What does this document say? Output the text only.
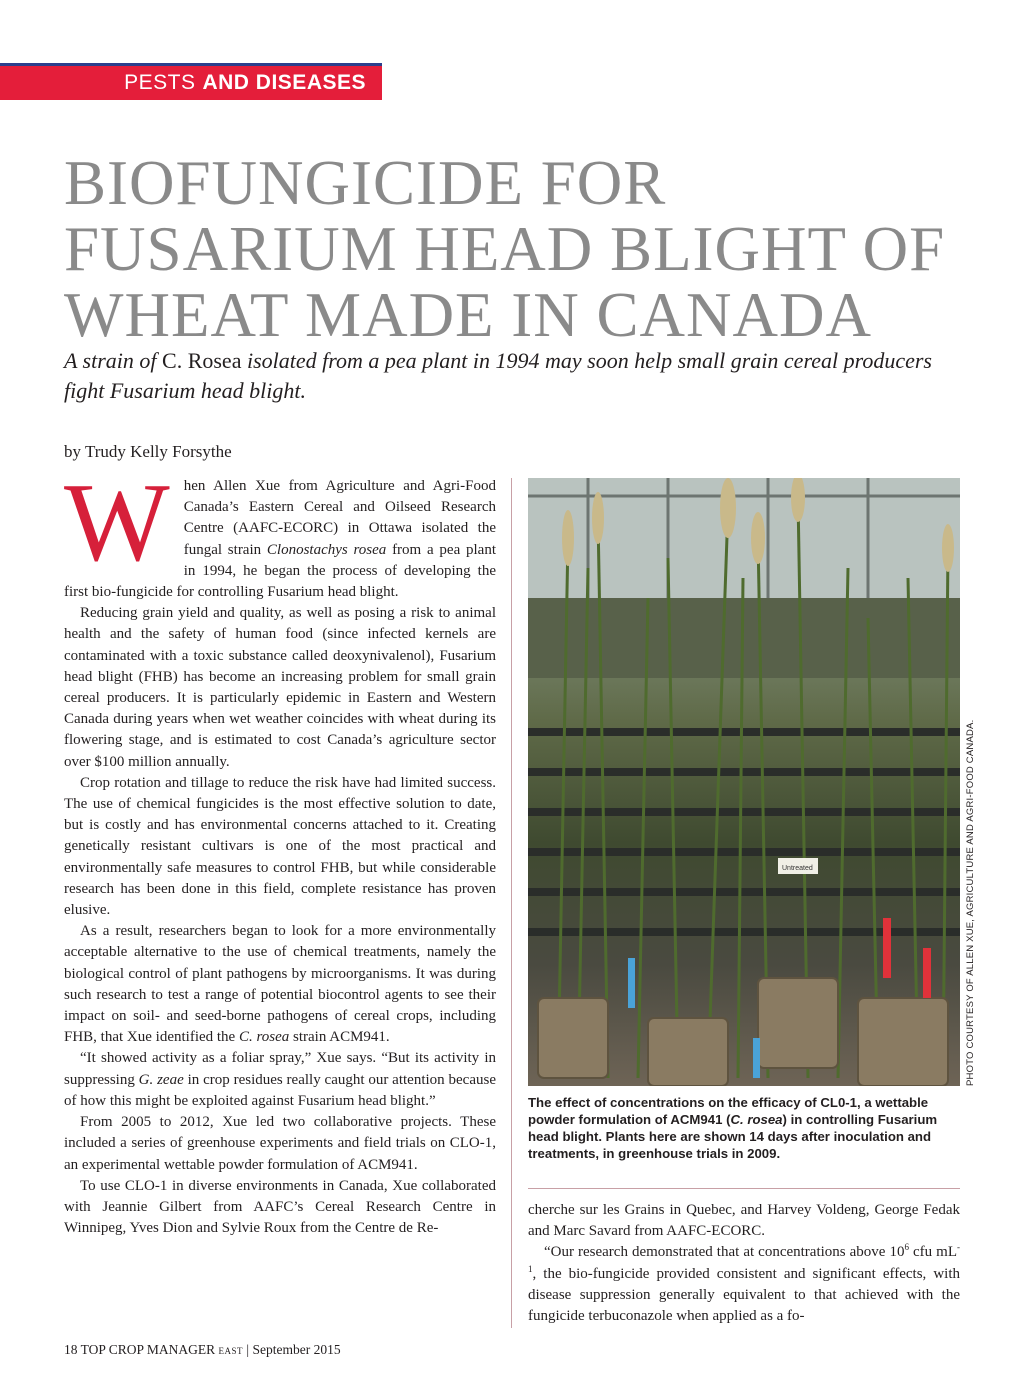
PESTS AND DISEASES
BIOFUNGICIDE FOR
FUSARIUM HEAD BLIGHT OF
WHEAT MADE IN CANADA

A strain of C. Rosea isolated from a pea plant in 1994 may soon help small grain cereal producers fight Fusarium head blight.

by Trudy Kelly Forsythe

When Allen Xue from Agriculture and Agri-Food Canada’s Eastern Cereal and Oilseed Research Centre (AAFC-ECORC) in Ottawa isolated the fungal strain Clonostachys rosea from a pea plant in 1994, he began the process of developing the first bio-fungicide for controlling Fusarium head blight.

Reducing grain yield and quality, as well as posing a risk to animal health and the safety of human food (since infected kernels are contaminated with a toxic substance called deoxynivalenol), Fusarium head blight (FHB) has become an increasing problem for small grain cereal producers. It is particularly epidemic in Eastern and Western Canada during years when wet weather coincides with wheat during its flowering stage, and is estimated to cost Canada’s agriculture sector over $100 million annually.

Crop rotation and tillage to reduce the risk have had limited success. The use of chemical fungicides is the most effective solution to date, but is costly and has environmental concerns attached to it. Creating genetically resistant cultivars is one of the most practical and environmentally safe measures to control FHB, but while considerable research has been done in this field, complete resistance has proven elusive.

As a result, researchers began to look for a more environmentally acceptable alternative to the use of chemical treatments, namely the biological control of plant pathogens by microorganisms. It was during such research to test a range of potential biocontrol agents to see their impact on soil- and seed-borne pathogens of cereal crops, including FHB, that Xue identified the C. rosea strain ACM941.

“It showed activity as a foliar spray,” Xue says. “But its activity in suppressing G. zeae in crop residues really caught our attention because of how this might be exploited against Fusarium head blight.”

From 2005 to 2012, Xue led two collaborative projects. These included a series of greenhouse experiments and field trials on CLO-1, an experimental wettable powder formulation of ACM941.

To use CLO-1 in diverse environments in Canada, Xue collaborated with Jeannie Gilbert from AAFC’s Cereal Research Centre in Winnipeg, Yves Dion and Sylvie Roux from the Centre de Re-

Untreated	PHOTO COURTESY OF ALLEN XUE, AGRICULTURE AND AGRI-FOOD CANADA.
The effect of concentrations on the efficacy of CL0-1, a wettable powder formulation of ACM941 (C. rosea) in controlling Fusarium head blight. Plants here are shown 14 days after inoculation and treatments, in greenhouse trials in 2009.

cherche sur les Grains in Quebec, and Harvey Voldeng, George Fedak and Marc Savard from AAFC-ECORC.

“Our research demonstrated that at concentrations above $10^6$ cfu $mL^{-1}$, the bio-fungicide provided consistent and significant effects, with disease suppression generally equivalent to that achieved with the fungicide terbuconazole when applied as a fo-

18 TOP CROP MANAGER EAST | September 2015
